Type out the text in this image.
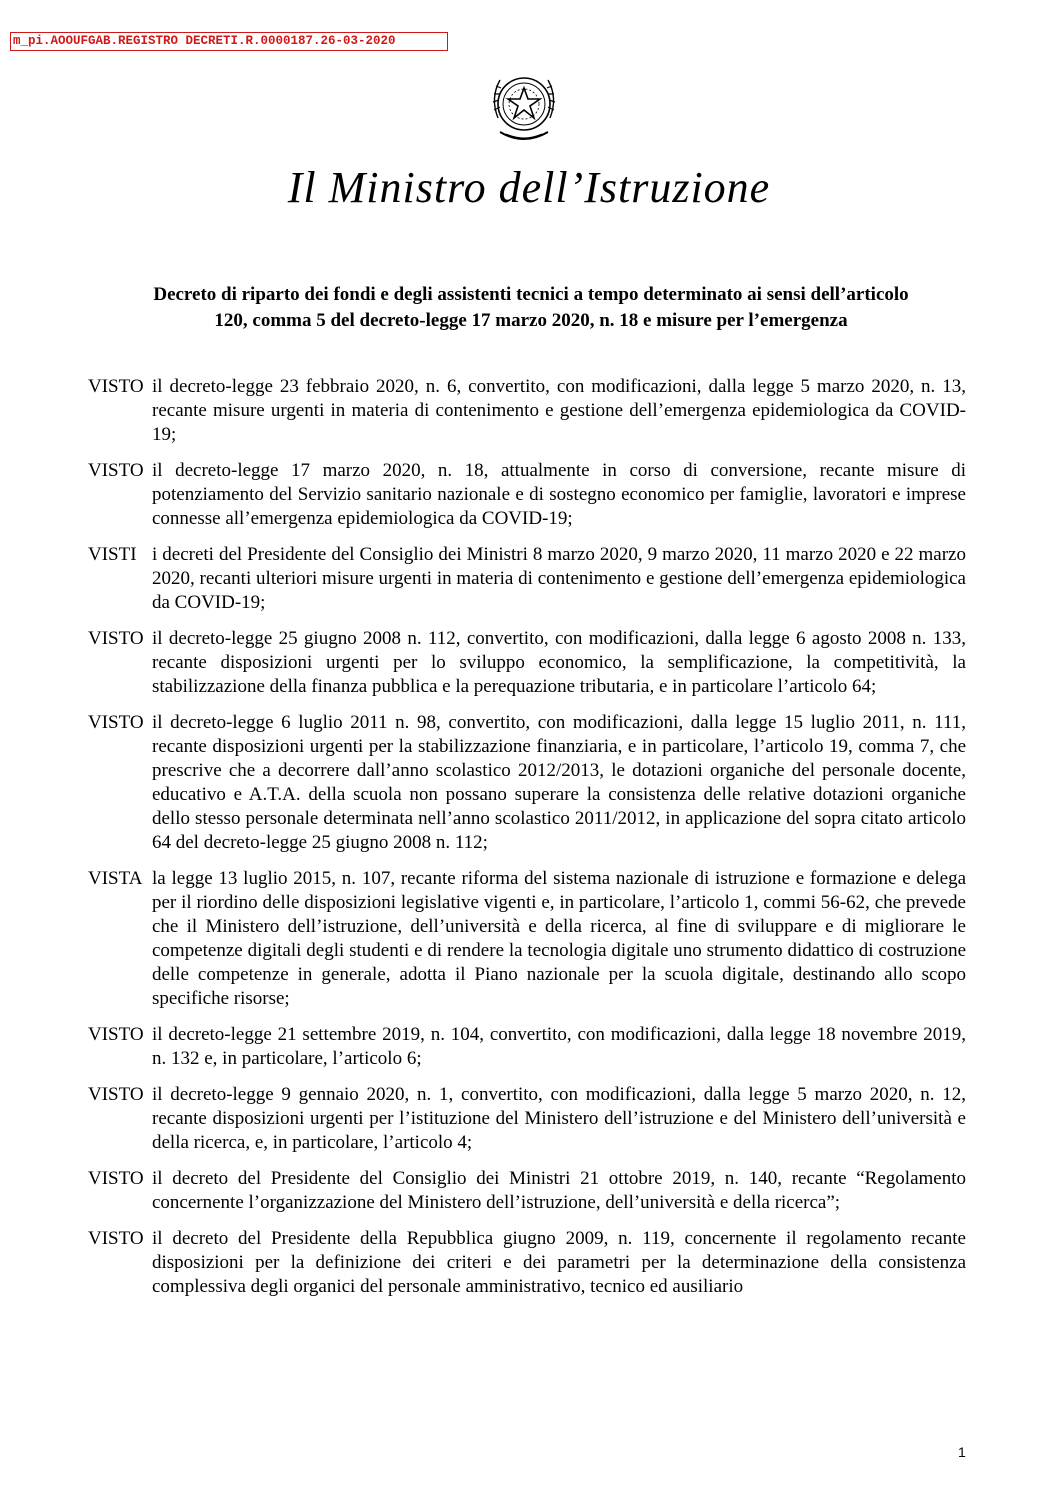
m_pi.AOOUFGAB.REGISTRO DECRETI.R.0000187.26-03-2020
Il Ministro dell’Istruzione
Decreto di riparto dei fondi e degli assistenti tecnici a tempo determinato ai sensi dell’articolo
120, comma 5 del decreto-legge 17 marzo 2020, n. 18 e misure per l’emergenza
VISTO il decreto-legge 23 febbraio 2020, n. 6, convertito, con modificazioni, dalla legge 5 marzo 2020, n. 13, recante misure urgenti in materia di contenimento e gestione dell’emergenza epidemiologica da COVID-19;
VISTO il decreto-legge 17 marzo 2020, n. 18, attualmente in corso di conversione, recante misure di potenziamento del Servizio sanitario nazionale e di sostegno economico per famiglie, lavoratori e imprese connesse all’emergenza epidemiologica da COVID-19;
VISTI i decreti del Presidente del Consiglio dei Ministri 8 marzo 2020, 9 marzo 2020, 11 marzo 2020 e 22 marzo 2020, recanti ulteriori misure urgenti in materia di contenimento e gestione dell’emergenza epidemiologica da COVID-19;
VISTO il decreto-legge 25 giugno 2008 n. 112, convertito, con modificazioni, dalla legge 6 agosto 2008 n. 133, recante disposizioni urgenti per lo sviluppo economico, la semplificazione, la competitività, la stabilizzazione della finanza pubblica e la perequazione tributaria, e in particolare l’articolo 64;
VISTO il decreto-legge 6 luglio 2011 n. 98, convertito, con modificazioni, dalla legge 15 luglio 2011, n. 111, recante disposizioni urgenti per la stabilizzazione finanziaria, e in particolare, l’articolo 19, comma 7, che prescrive che a decorrere dall’anno scolastico 2012/2013, le dotazioni organiche del personale docente, educativo e A.T.A. della scuola non possano superare la consistenza delle relative dotazioni organiche dello stesso personale determinata nell’anno scolastico 2011/2012, in applicazione del sopra citato articolo 64 del decreto-legge 25 giugno 2008 n. 112;
VISTA la legge 13 luglio 2015, n. 107, recante riforma del sistema nazionale di istruzione e formazione e delega per il riordino delle disposizioni legislative vigenti e, in particolare, l’articolo 1, commi 56-62, che prevede che il Ministero dell’istruzione, dell’università e della ricerca, al fine di sviluppare e di migliorare le competenze digitali degli studenti e di rendere la tecnologia digitale uno strumento didattico di costruzione delle competenze in generale, adotta il Piano nazionale per la scuola digitale, destinando allo scopo specifiche risorse;
VISTO il decreto-legge 21 settembre 2019, n. 104, convertito, con modificazioni, dalla legge 18 novembre 2019, n. 132 e, in particolare, l’articolo 6;
VISTO il decreto-legge 9 gennaio 2020, n. 1, convertito, con modificazioni, dalla legge 5 marzo 2020, n. 12, recante disposizioni urgenti per l’istituzione del Ministero dell’istruzione e del Ministero dell’università e della ricerca, e, in particolare, l’articolo 4;
VISTO il decreto del Presidente del Consiglio dei Ministri 21 ottobre 2019, n. 140, recante “Regolamento concernente l’organizzazione del Ministero dell’istruzione, dell’università e della ricerca”;
VISTO il decreto del Presidente della Repubblica giugno 2009, n. 119, concernente il regolamento recante disposizioni per la definizione dei criteri e dei parametri per la determinazione della consistenza complessiva degli organici del personale amministrativo, tecnico ed ausiliario
1
